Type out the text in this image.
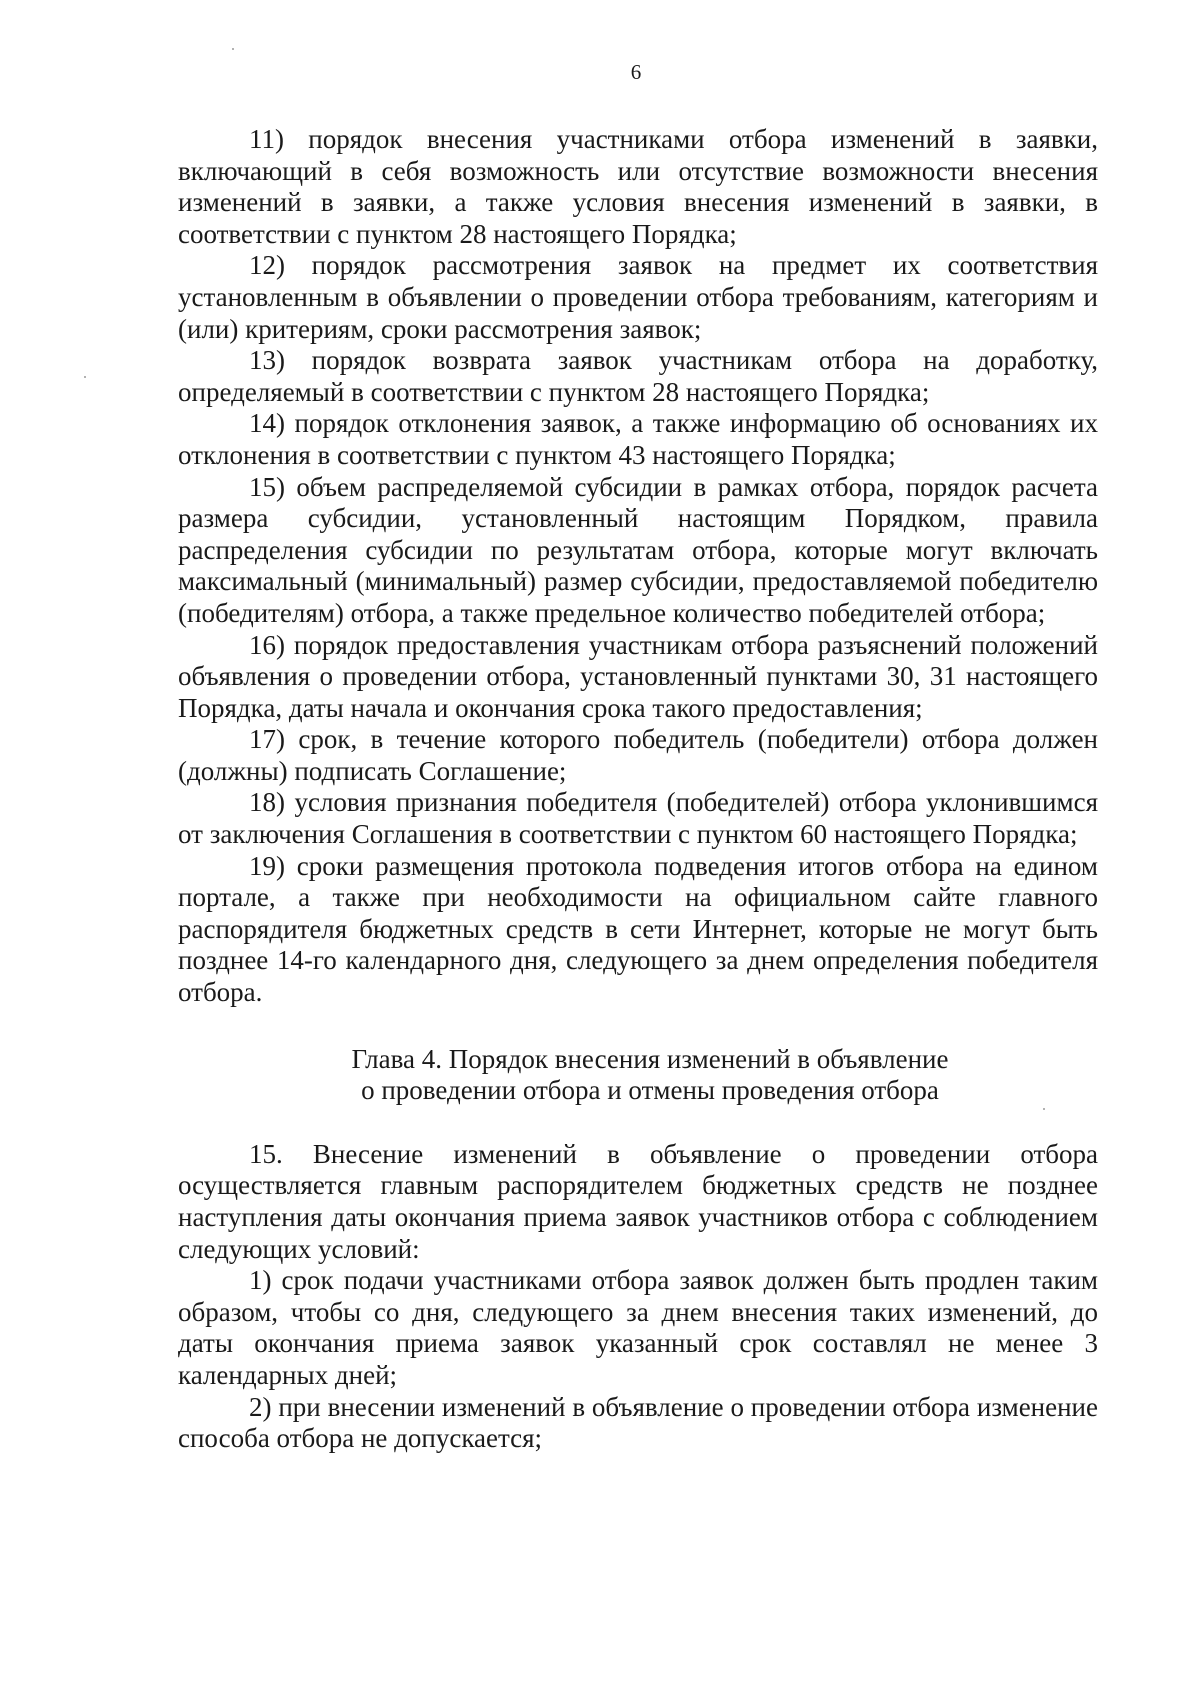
6

11) порядок внесения участниками отбора изменений в заявки, включающий в себя возможность или отсутствие возможности внесения изменений в заявки, а также условия внесения изменений в заявки, в соответствии с пунктом 28 настоящего Порядка;

12) порядок рассмотрения заявок на предмет их соответствия установленным в объявлении о проведении отбора требованиям, категориям и (или) критериям, сроки рассмотрения заявок;

13) порядок возврата заявок участникам отбора на доработку, определяемый в соответствии с пунктом 28 настоящего Порядка;

14) порядок отклонения заявок, а также информацию об основаниях их отклонения в соответствии с пунктом 43 настоящего Порядка;

15) объем распределяемой субсидии в рамках отбора, порядок расчета размера субсидии, установленный настоящим Порядком, правила распределения субсидии по результатам отбора, которые могут включать максимальный (минимальный) размер субсидии, предоставляемой победителю (победителям) отбора, а также предельное количество победителей отбора;

16) порядок предоставления участникам отбора разъяснений положений объявления о проведении отбора, установленный пунктами 30, 31 настоящего Порядка, даты начала и окончания срока такого предоставления;

17) срок, в течение которого победитель (победители) отбора должен (должны) подписать Соглашение;

18) условия признания победителя (победителей) отбора уклонившимся от заключения Соглашения в соответствии с пунктом 60 настоящего Порядка;

19) сроки размещения протокола подведения итогов отбора на едином портале, а также при необходимости на официальном сайте главного распорядителя бюджетных средств в сети Интернет, которые не могут быть позднее 14-го календарного дня, следующего за днем определения победителя отбора.

Глава 4. Порядок внесения изменений в объявление
о проведении отбора и отмены проведения отбора

15. Внесение изменений в объявление о проведении отбора осуществляется главным распорядителем бюджетных средств не позднее наступления даты окончания приема заявок участников отбора с соблюдением следующих условий:

1) срок подачи участниками отбора заявок должен быть продлен таким образом, чтобы со дня, следующего за днем внесения таких изменений, до даты окончания приема заявок указанный срок составлял не менее 3 календарных дней;

2) при внесении изменений в объявление о проведении отбора изменение способа отбора не допускается;
